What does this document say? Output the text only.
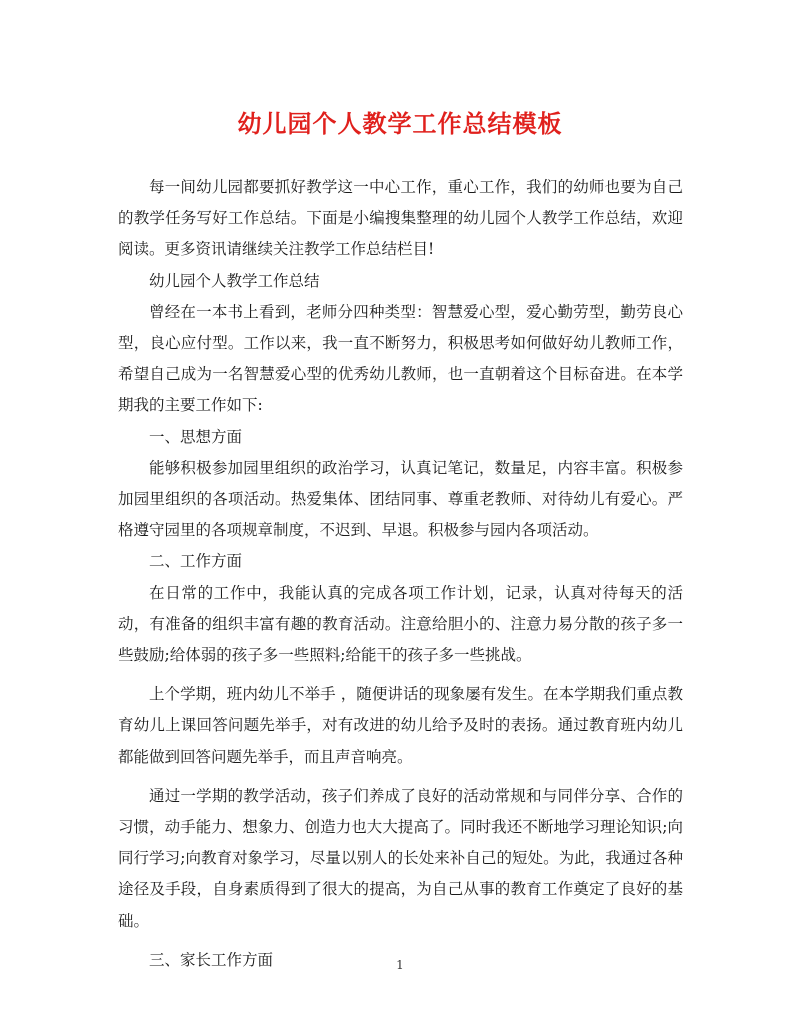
幼儿园个人教学工作总结模板

每一间幼儿园都要抓好教学这一中心工作，重心工作，我们的幼师也要为自己的教学任务写好工作总结。下面是小编搜集整理的幼儿园个人教学工作总结，欢迎阅读。更多资讯请继续关注教学工作总结栏目!

幼儿园个人教学工作总结

曾经在一本书上看到，老师分四种类型：智慧爱心型，爱心勤劳型，勤劳良心型，良心应付型。工作以来，我一直不断努力，积极思考如何做好幼儿教师工作，希望自己成为一名智慧爱心型的优秀幼儿教师，也一直朝着这个目标奋进。在本学期我的主要工作如下:

一、思想方面

能够积极参加园里组织的政治学习，认真记笔记，数量足，内容丰富。积极参加园里组织的各项活动。热爱集体、团结同事、尊重老教师、对待幼儿有爱心。严格遵守园里的各项规章制度，不迟到、早退。积极参与园内各项活动。

二、工作方面

在日常的工作中，我能认真的完成各项工作计划，记录，认真对待每天的活动，有准备的组织丰富有趣的教育活动。注意给胆小的、注意力易分散的孩子多一些鼓励;给体弱的孩子多一些照料;给能干的孩子多一些挑战。

上个学期，班内幼儿不举手 ，随便讲话的现象屡有发生。在本学期我们重点教育幼儿上课回答问题先举手，对有改进的幼儿给予及时的表扬。通过教育班内幼儿都能做到回答问题先举手，而且声音响亮。

通过一学期的教学活动，孩子们养成了良好的活动常规和与同伴分享、合作的习惯，动手能力、想象力、创造力也大大提高了。同时我还不断地学习理论知识;向同行学习;向教育对象学习，尽量以别人的长处来补自己的短处。为此，我通过各种途径及手段，自身素质得到了很大的提高，为自己从事的教育工作奠定了良好的基础。

三、家长工作方面	1
